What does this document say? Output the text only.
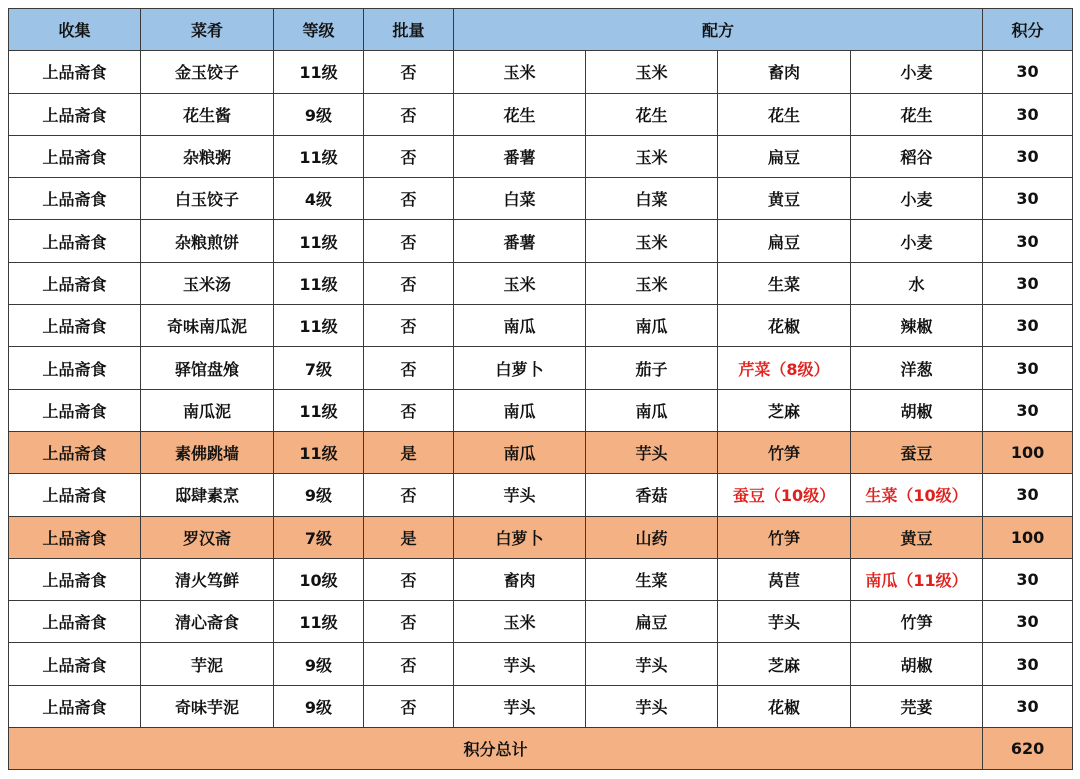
收集	菜肴	等级	批量	配方				积分
上品斋食	金玉饺子	11级	否	玉米	玉米	畜肉	小麦	30
上品斋食	花生酱	9级	否	花生	花生	花生	花生	30
上品斋食	杂粮粥	11级	否	番薯	玉米	扁豆	稻谷	30
上品斋食	白玉饺子	4级	否	白菜	白菜	黄豆	小麦	30
上品斋食	杂粮煎饼	11级	否	番薯	玉米	扁豆	小麦	30
上品斋食	玉米汤	11级	否	玉米	玉米	生菜	水	30
上品斋食	奇味南瓜泥	11级	否	南瓜	南瓜	花椒	辣椒	30
上品斋食	驿馆盘飧	7级	否	白萝卜	茄子	芹菜（8级）	洋葱	30
上品斋食	南瓜泥	11级	否	南瓜	南瓜	芝麻	胡椒	30
上品斋食	素佛跳墙	11级	是	南瓜	芋头	竹笋	蚕豆	100
上品斋食	邸肆素烹	9级	否	芋头	香菇	蚕豆（10级）	生菜（10级）	30
上品斋食	罗汉斋	7级	是	白萝卜	山药	竹笋	黄豆	100
上品斋食	清火笃鲜	10级	否	畜肉	生菜	莴苣	南瓜（11级）	30
上品斋食	清心斋食	11级	否	玉米	扁豆	芋头	竹笋	30
上品斋食	芋泥	9级	否	芋头	芋头	芝麻	胡椒	30
上品斋食	奇味芋泥	9级	否	芋头	芋头	花椒	芫荽	30
积分总计								620
